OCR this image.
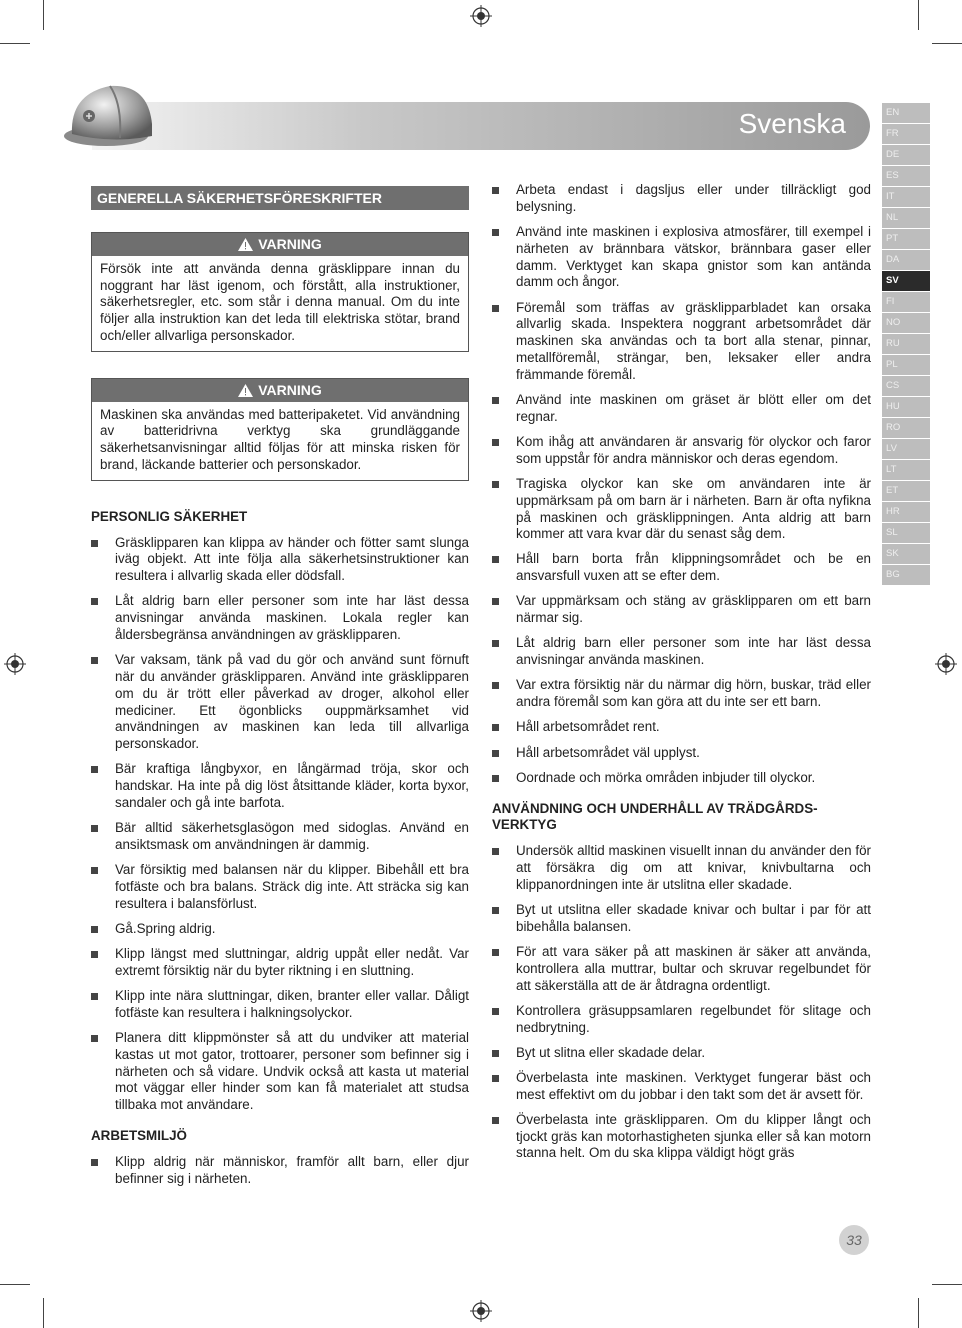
Svenska	EN
FR
DE
ES
IT
NL
PT
DA
SV
FI
NO
RU
PL
CS
HU
RO
LV
LT
ET
HR
SL
SK
BG
GENERELLA SÄKERHETSFÖRESKRIFTER
VARNING
Försök inte att använda denna gräsklippare innan du noggrant har läst igenom, och förstått, alla instruktioner, säkerhetsregler, etc. som står i denna manual. Om du inte följer alla instruktion kan det leda till elektriska stötar, brand och/eller allvarliga personskador.
VARNING
Maskinen ska användas med batteripaketet. Vid användning av batteridrivna verktyg ska grundläggande säkerhetsanvisningar alltid följas för att minska risken för brand, läckande batterier och personskador.
PERSONLIG SÄKERHET
Gräsklipparen kan klippa av händer och fötter samt slunga iväg objekt. Att inte följa alla säkerhetsinstruktioner kan resultera i allvarlig skada eller dödsfall.
Låt aldrig barn eller personer som inte har läst dessa anvisningar använda maskinen. Lokala regler kan åldersbegränsa användningen av gräsklipparen.
Var vaksam, tänk på vad du gör och använd sunt förnuft när du använder gräsklipparen. Använd inte gräsklipparen om du är trött eller påverkad av droger, alkohol eller mediciner. Ett ögonblicks ouppmärksamhet vid användningen av maskinen kan leda till allvarliga personskador.
Bär kraftiga långbyxor, en långärmad tröja, skor och handskar. Ha inte på dig löst åtsittande kläder, korta byxor, sandaler och gå inte barfota.
Bär alltid säkerhetsglasögon med sidoglas. Använd en ansiktsmask om användningen är dammig.
Var försiktig med balansen när du klipper. Bibehåll ett bra fotfäste och bra balans. Sträck dig inte. Att sträcka sig kan resultera i balansförlust.
Gå.Spring aldrig.
Klipp längst med sluttningar, aldrig uppåt eller nedåt. Var extremt försiktig när du byter riktning i en sluttning.
Klipp inte nära sluttningar, diken, branter eller vallar. Dåligt fotfäste kan resultera i halkningsolyckor.
Planera ditt klippmönster så att du undviker att material kastas ut mot gator, trottoarer, personer som befinner sig i närheten och så vidare. Undvik också att kasta ut material mot väggar eller hinder som kan få materialet att studsa tillbaka mot användare.
ARBETSMILJÖ
Klipp aldrig när människor, framför allt barn, eller djur befinner sig i närheten.
Arbeta endast i dagsljus eller under tillräckligt god belysning.
Använd inte maskinen i explosiva atmosfärer, till exempel i närheten av brännbara vätskor, brännbara gaser eller damm. Verktyget kan skapa gnistor som kan antända damm och ångor.
Föremål som träffas av gräsklipparbladet kan orsaka allvarlig skada. Inspektera noggrant arbetsområdet där maskinen ska användas och ta bort alla stenar, pinnar, metallföremål, strängar, ben, leksaker eller andra främmande föremål.
Använd inte maskinen om gräset är blött eller om det regnar.
Kom ihåg att användaren är ansvarig för olyckor och faror som uppstår för andra människor och deras egendom.
Tragiska olyckor kan ske om användaren inte är uppmärksam på om barn är i närheten. Barn är ofta nyfikna på maskinen och gräsklippningen. Anta aldrig att barn kommer att vara kvar där du senast såg dem.
Håll barn borta från klippningsområdet och be en ansvarsfull vuxen att se efter dem.
Var uppmärksam och stäng av gräsklipparen om ett barn närmar sig.
Låt aldrig barn eller personer som inte har läst dessa anvisningar använda maskinen.
Var extra försiktig när du närmar dig hörn, buskar, träd eller andra föremål som kan göra att du inte ser ett barn.
Håll arbetsområdet rent.
Håll arbetsområdet väl upplyst.
Oordnade och mörka områden inbjuder till olyckor.
ANVÄNDNING OCH UNDERHÅLL AV TRÄDGÅRDS-VERKTYG
Undersök alltid maskinen visuellt innan du använder den för att försäkra dig om att knivar, knivbultarna och klippanordningen inte är utslitna eller skadade.
Byt ut utslitna eller skadade knivar och bultar i par för att bibehålla balansen.
För att vara säker på att maskinen är säker att använda, kontrollera alla muttrar, bultar och skruvar regelbundet för att säkerställa att de är åtdragna ordentligt.
Kontrollera gräsuppsamlaren regelbundet för slitage och nedbrytning.
Byt ut slitna eller skadade delar.
Överbelasta inte maskinen. Verktyget fungerar bäst och mest effektivt om du jobbar i den takt som det är avsett för.
Överbelasta inte gräsklipparen. Om du klipper långt och tjockt gräs kan motorhastigheten sjunka eller så kan motorn stanna helt. Om du ska klippa väldigt högt gräs
33
